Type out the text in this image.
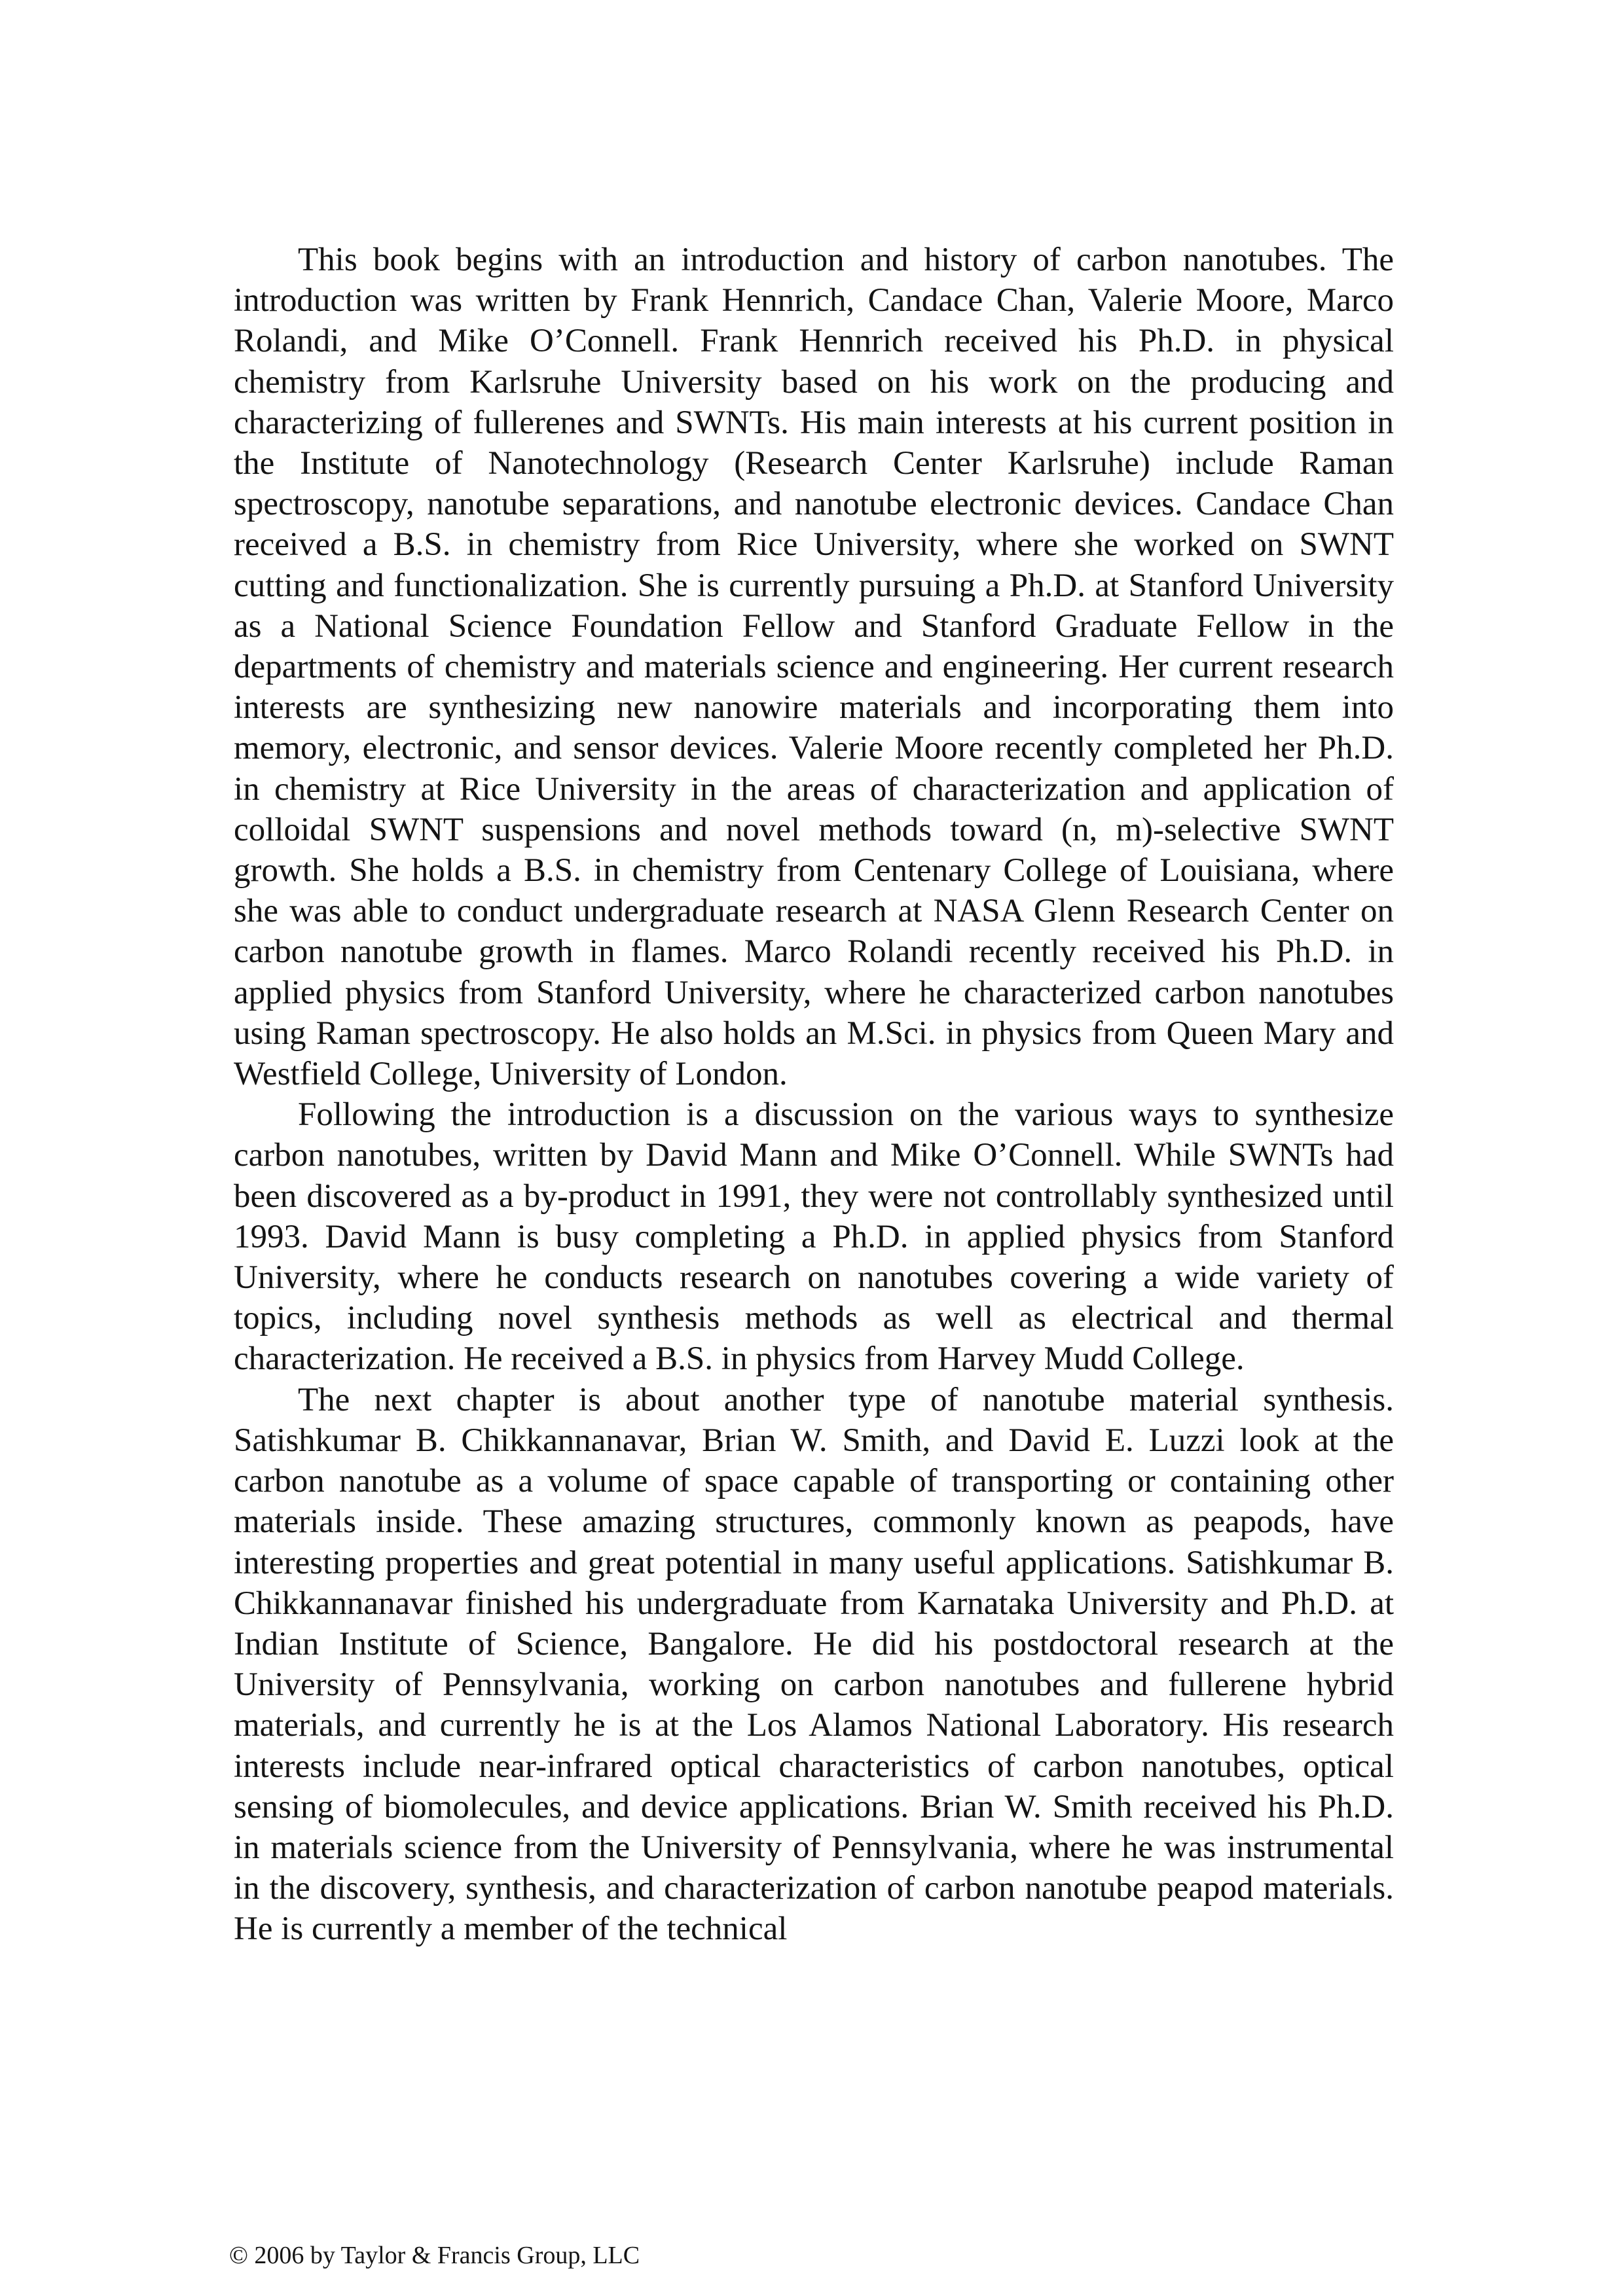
This book begins with an introduction and history of carbon nanotubes. The introduction was written by Frank Hennrich, Candace Chan, Valerie Moore, Marco Rolandi, and Mike O’Connell. Frank Hennrich received his Ph.D. in physical chemistry from Karlsruhe University based on his work on the producing and characterizing of fullerenes and SWNTs. His main interests at his current position in the Institute of Nanotechnology (Research Center Karlsruhe) include Raman spectroscopy, nanotube separations, and nanotube electronic devices. Candace Chan received a B.S. in chemistry from Rice University, where she worked on SWNT cutting and functionalization. She is currently pursuing a Ph.D. at Stanford University as a National Science Foundation Fellow and Stanford Graduate Fellow in the departments of chemistry and materials science and engineering. Her current research interests are synthesizing new nanowire materials and incorporating them into memory, electronic, and sensor devices. Valerie Moore recently completed her Ph.D. in chemistry at Rice University in the areas of characterization and application of colloidal SWNT suspensions and novel methods toward (n, m)-selective SWNT growth. She holds a B.S. in chemistry from Centenary College of Louisiana, where she was able to conduct undergraduate research at NASA Glenn Research Center on carbon nanotube growth in flames. Marco Rolandi recently received his Ph.D. in applied physics from Stanford University, where he characterized carbon nanotubes using Raman spectroscopy. He also holds an M.Sci. in physics from Queen Mary and Westfield College, University of London.

Following the introduction is a discussion on the various ways to synthesize carbon nanotubes, written by David Mann and Mike O’Connell. While SWNTs had been discovered as a by-product in 1991, they were not controllably synthesized until 1993. David Mann is busy completing a Ph.D. in applied physics from Stanford University, where he conducts research on nanotubes covering a wide variety of topics, including novel synthesis methods as well as electrical and thermal characterization. He received a B.S. in physics from Harvey Mudd College.

The next chapter is about another type of nanotube material synthesis. Satishkumar B. Chikkannanavar, Brian W. Smith, and David E. Luzzi look at the carbon nanotube as a volume of space capable of transporting or containing other materials inside. These amazing structures, commonly known as peapods, have interesting properties and great potential in many useful applications. Satishkumar B. Chikkannanavar finished his undergraduate from Karnataka University and Ph.D. at Indian Institute of Science, Bangalore. He did his postdoctoral research at the University of Pennsylvania, working on carbon nanotubes and fullerene hybrid materials, and currently he is at the Los Alamos National Laboratory. His research interests include near-infrared optical characteristics of carbon nanotubes, optical sensing of biomolecules, and device applications. Brian W. Smith received his Ph.D. in materials science from the University of Pennsylvania, where he was instrumental in the discovery, synthesis, and characterization of carbon nanotube peapod materials. He is currently a member of the technical

© 2006 by Taylor & Francis Group, LLC
